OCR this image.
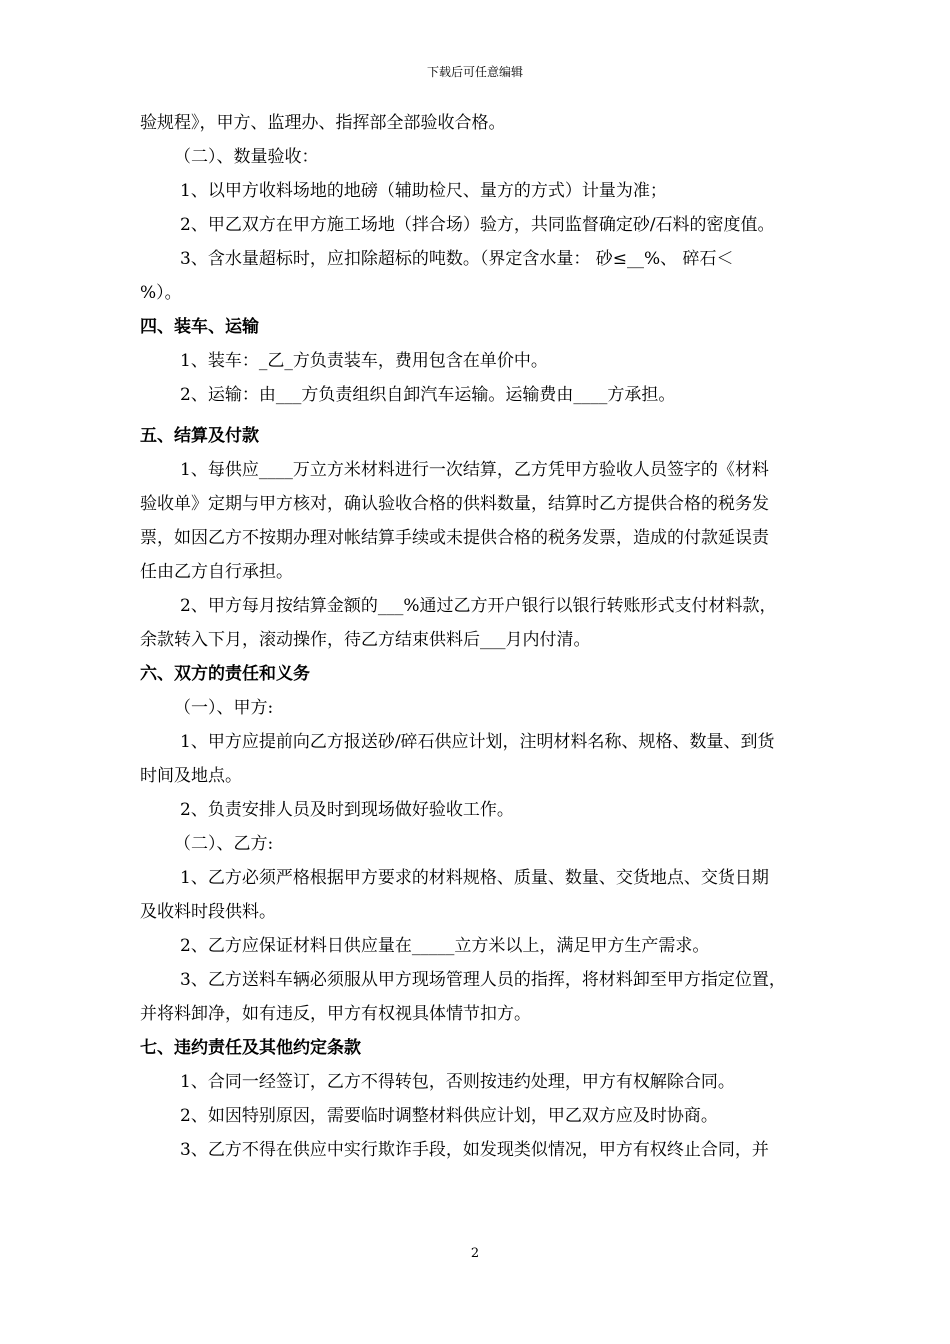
下载后可任意编辑
验规程》，甲方、监理办、指挥部全部验收合格。
（二）、数量验收：
1、以甲方收料场地的地磅（辅助检尺、量方的方式）计量为准；
2、甲乙双方在甲方施工场地（拌合场）验方，共同监督确定砂/石料的密度值。
3、含水量超标时，应扣除超标的吨数。（界定含水量： 砂≤__%、 碎石＜
%）。
四、装车、运输
1、装车：_乙_方负责装车，费用包含在单价中。
2、运输：由___方负责组织自卸汽车运输。运输费由____方承担。
五、结算及付款
1、每供应____万立方米材料进行一次结算，乙方凭甲方验收人员签字的《材料
验收单》定期与甲方核对，确认验收合格的供料数量，结算时乙方提供合格的税务发
票，如因乙方不按期办理对帐结算手续或未提供合格的税务发票，造成的付款延误责
任由乙方自行承担。
2、甲方每月按结算金额的___%通过乙方开户银行以银行转账形式支付材料款，
余款转入下月，滚动操作，待乙方结束供料后___月内付清。
六、双方的责任和义务
（一）、甲方:
1、甲方应提前向乙方报送砂/碎石供应计划，注明材料名称、规格、数量、到货
时间及地点。
2、负责安排人员及时到现场做好验收工作。
（二）、乙方:
1、乙方必须严格根据甲方要求的材料规格、质量、数量、交货地点、交货日期
及收料时段供料。
2、乙方应保证材料日供应量在_____立方米以上，满足甲方生产需求。
3、乙方送料车辆必须服从甲方现场管理人员的指挥，将材料卸至甲方指定位置，
并将料卸净，如有违反，甲方有权视具体情节扣方。
七、违约责任及其他约定条款
1、合同一经签订，乙方不得转包，否则按违约处理，甲方有权解除合同。
2、如因特别原因，需要临时调整材料供应计划，甲乙双方应及时协商。
3、乙方不得在供应中实行欺诈手段，如发现类似情况，甲方有权终止合同，并
2
